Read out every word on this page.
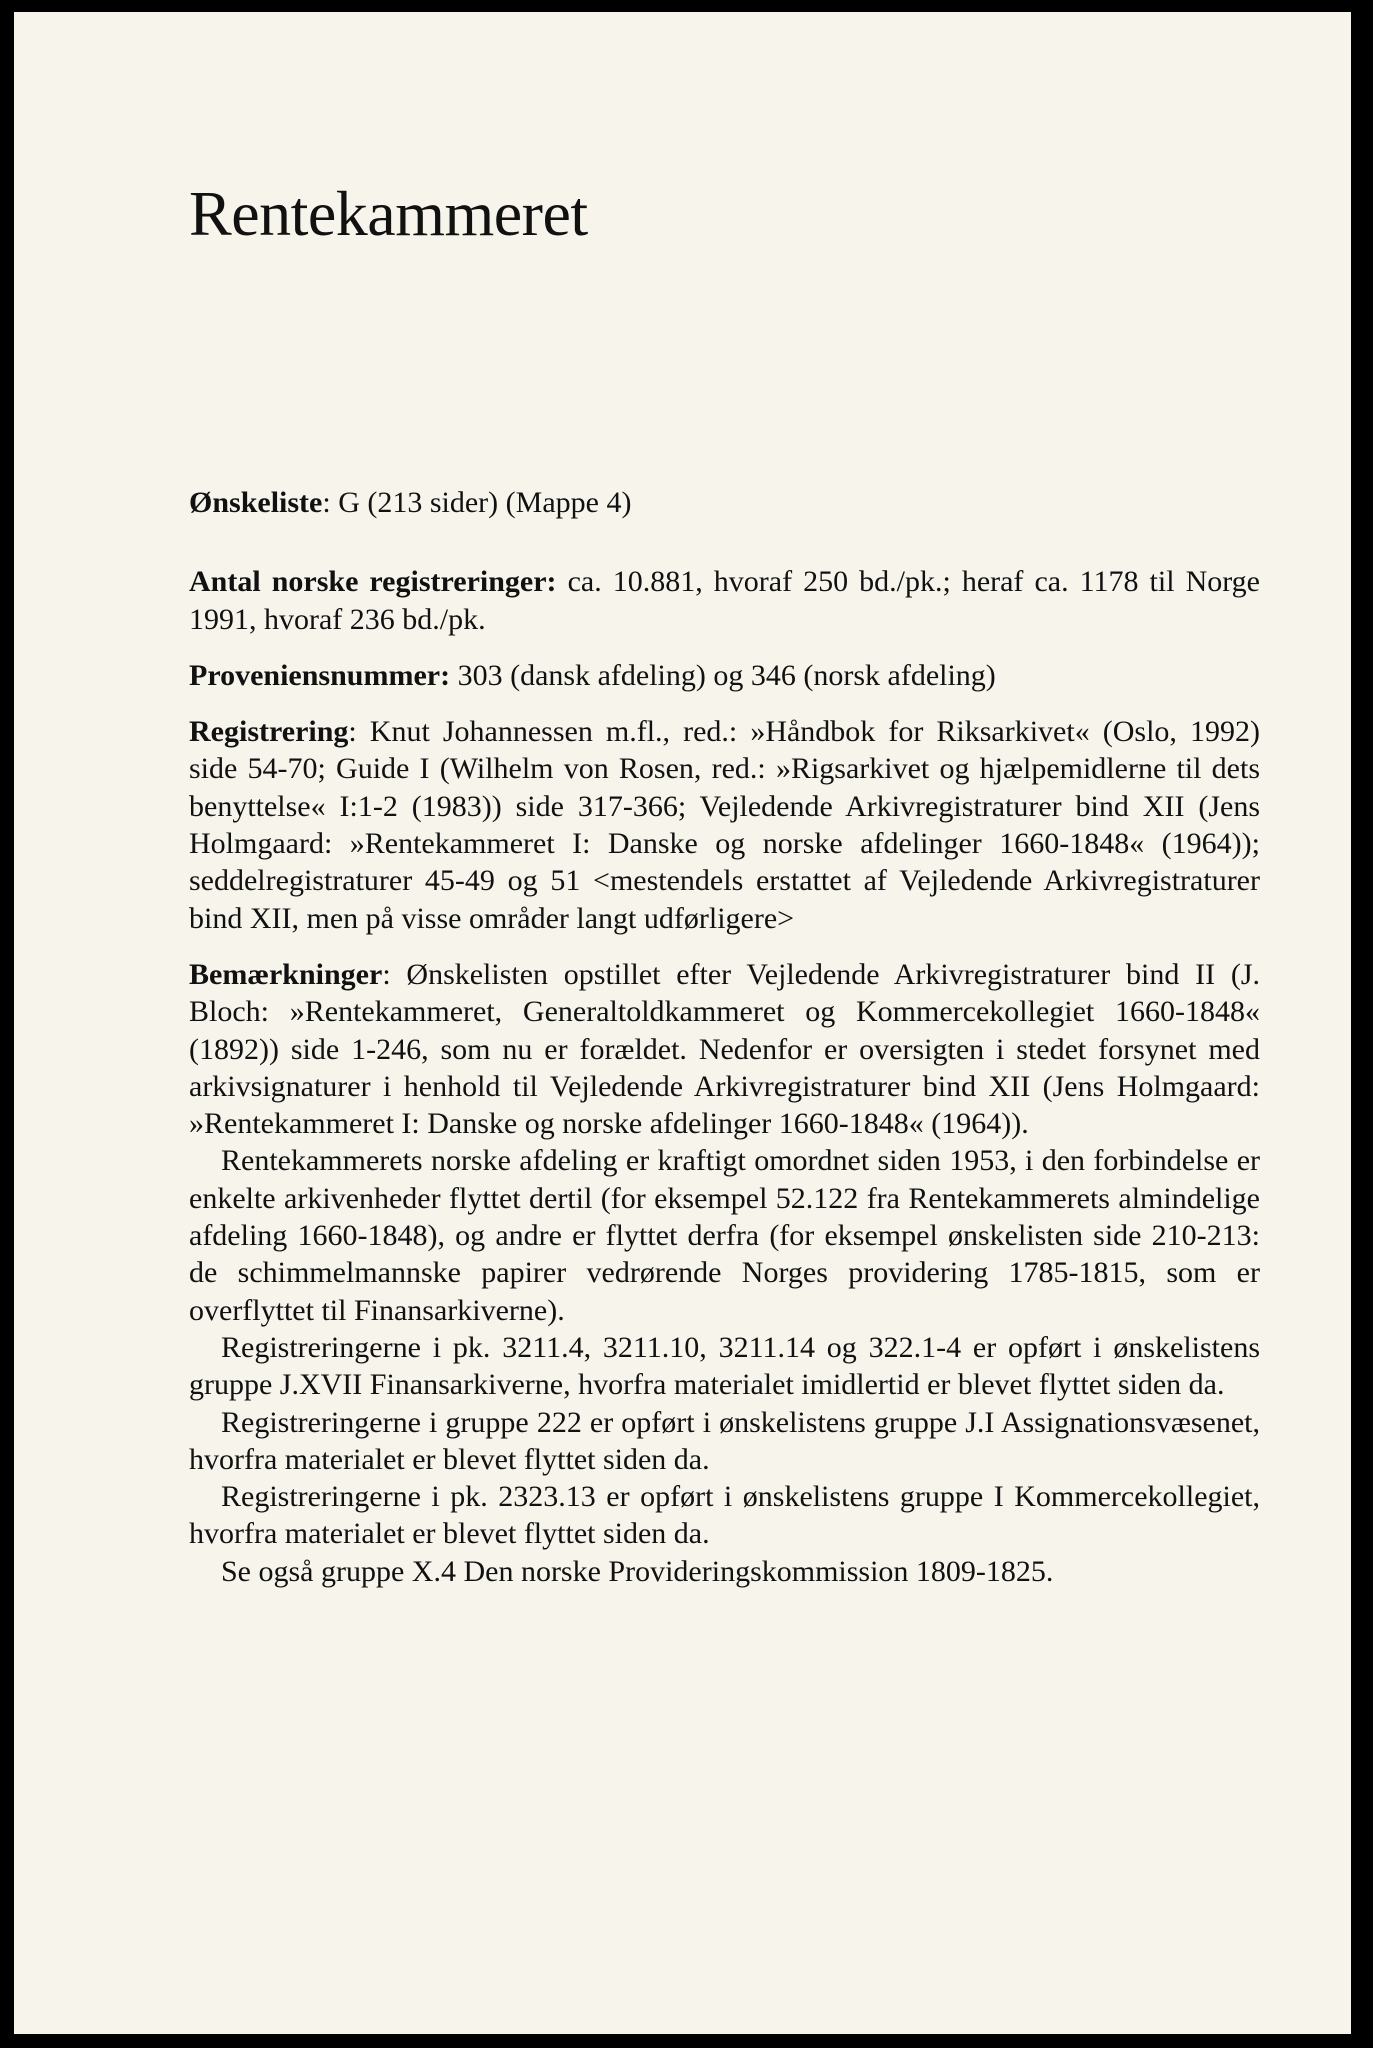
Rentekammeret

Ønskeliste: G (213 sider) (Mappe 4)

Antal norske registreringer: ca. 10.881, hvoraf 250 bd./pk.; heraf ca. 1178 til Norge 1991, hvoraf 236 bd./pk.

Proveniensnummer: 303 (dansk afdeling) og 346 (norsk afdeling)

Registrering: Knut Johannessen m.fl., red.: »Håndbok for Riksarkivet« (Oslo, 1992) side 54-70; Guide I (Wilhelm von Rosen, red.: »Rigsarkivet og hjælpemidlerne til dets benyttelse« I:1-2 (1983)) side 317-366; Vejledende Arkivregistraturer bind XII (Jens Holmgaard: »Rentekammeret I: Danske og norske afdelinger 1660-1848« (1964)); seddelregistraturer 45-49 og 51 <mestendels erstattet af Vejledende Arkivregistraturer bind XII, men på visse områder langt udførligere>

Bemærkninger: Ønskelisten opstillet efter Vejledende Arkivregistraturer bind II (J. Bloch: »Rentekammeret, Generaltoldkammeret og Kommercekollegiet 1660-1848« (1892)) side 1-246, som nu er forældet. Nedenfor er oversigten i stedet forsynet med arkivsignaturer i henhold til Vejledende Arkivregistraturer bind XII (Jens Holmgaard: »Rentekammeret I: Danske og norske afdelinger 1660-1848« (1964)).

Rentekammerets norske afdeling er kraftigt omordnet siden 1953, i den forbindelse er enkelte arkivenheder flyttet dertil (for eksempel 52.122 fra Rentekammerets almindelige afdeling 1660-1848), og andre er flyttet derfra (for eksempel ønskelisten side 210-213: de schimmelmannske papirer vedrørende Norges providering 1785-1815, som er overflyttet til Finansarkiverne).

Registreringerne i pk. 3211.4, 3211.10, 3211.14 og 322.1-4 er opført i ønskelistens gruppe J.XVII Finansarkiverne, hvorfra materialet imidlertid er blevet flyttet siden da.

Registreringerne i gruppe 222 er opført i ønskelistens gruppe J.I Assignationsvæsenet, hvorfra materialet er blevet flyttet siden da.

Registreringerne i pk. 2323.13 er opført i ønskelistens gruppe I Kommercekollegiet, hvorfra materialet er blevet flyttet siden da.

Se også gruppe X.4 Den norske Provideringskommission 1809-1825.
